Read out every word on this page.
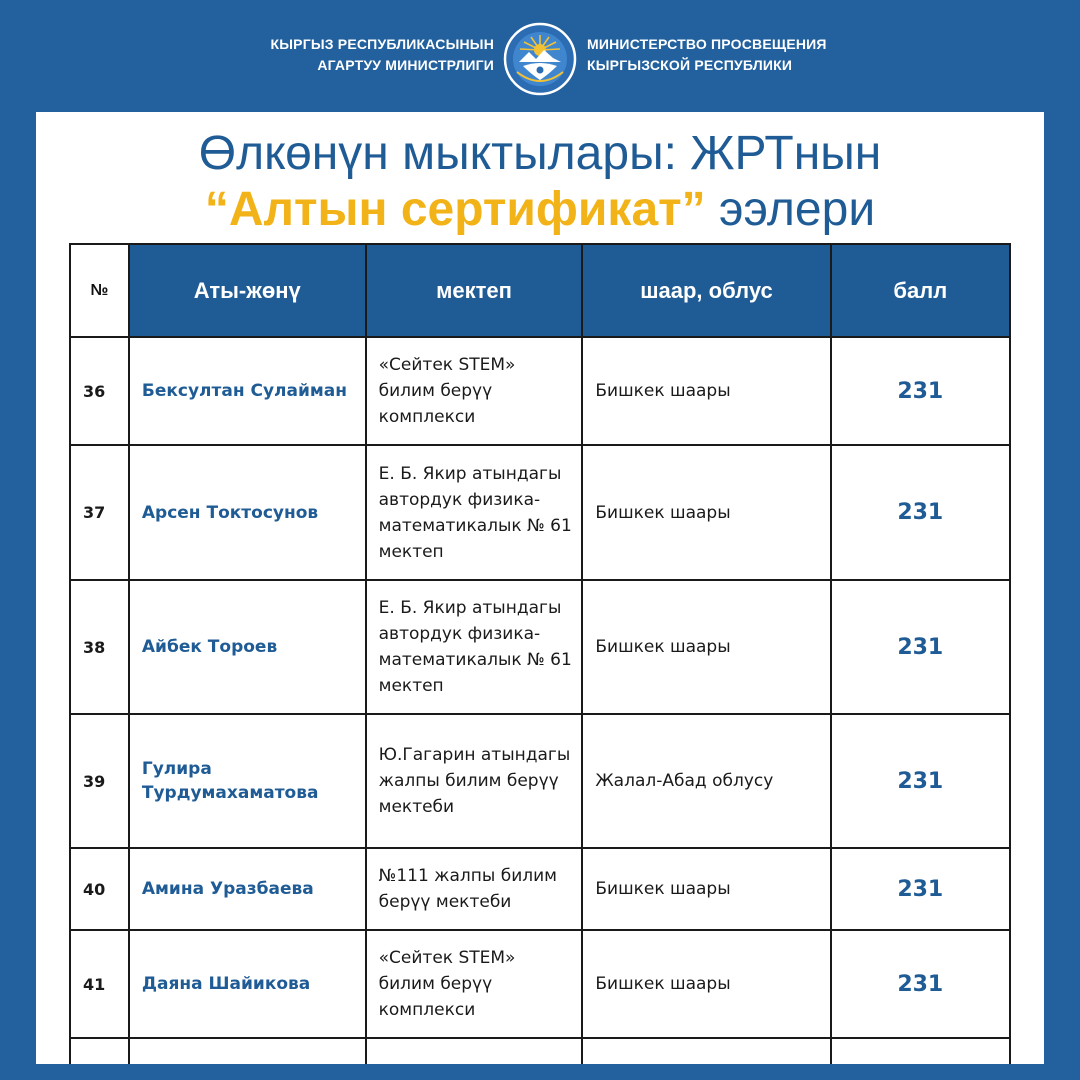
КЫРГЫЗ РЕСПУБЛИКАСЫНЫН
АГАРТУУ МИНИСТРЛИГИ
МИНИСТЕРСТВО ПРОСВЕЩЕНИЯ
КЫРГЫЗСКОЙ РЕСПУБЛИКИ
Өлкөнүн мыктылары: ЖРТнын
“Алтын сертификат” ээлери
№	Аты-жөнү	мектеп	шаар, облус	балл
36	Бексултан Сулайман	«Сейтек STEM» билим берүү комплекси	Бишкек шаары	231
37	Арсен Токтосунов	Е. Б. Якир атындагы автордук физика-математикалык № 61 мектеп	Бишкек шаары	231
38	Айбек Тороев	Е. Б. Якир атындагы автордук физика-математикалык № 61 мектеп	Бишкек шаары	231
39	Гулира Турдумахаматова	Ю.Гагарин атындагы жалпы билим берүү мектеби	Жалал-Абад облусу	231
40	Амина Уразбаева	№111 жалпы билим берүү мектеби	Бишкек шаары	231
41	Даяна Шайикова	«Сейтек STEM» билим берүү комплекси	Бишкек шаары	231
